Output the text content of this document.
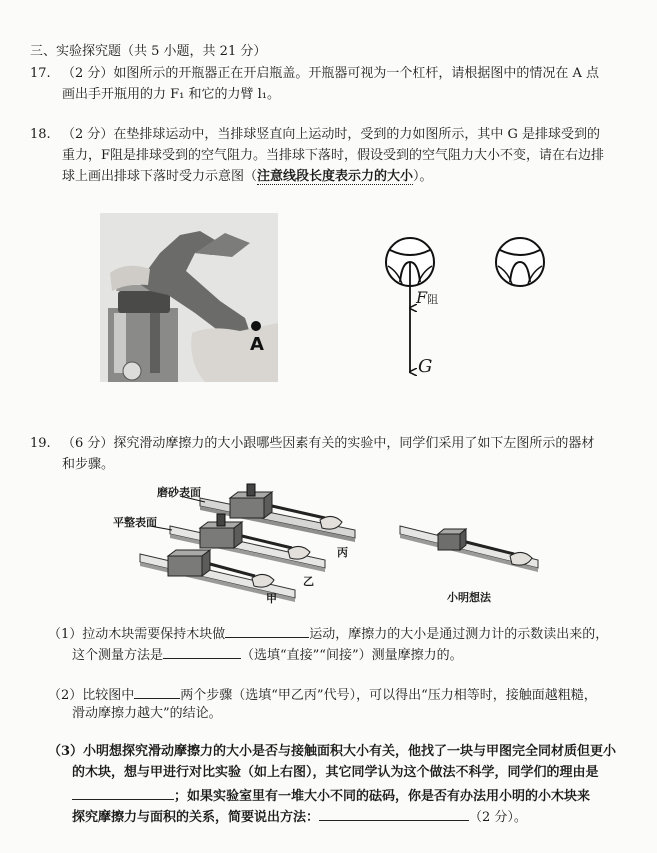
三、实验探究题（共 5 小题，共 21 分）
17. （2 分）如图所示的开瓶器正在开启瓶盖。开瓶器可视为一个杠杆，请根据图中的情况在 A 点
画出手开瓶用的力 F₁ 和它的力臂 l₁。
18. （2 分）在垫排球运动中，当排球竖直向上运动时，受到的力如图所示，其中 G 是排球受到的
重力，F阻是排球受到的空气阻力。当排球下落时，假设受到的空气阻力大小不变，请在右边排
球上画出排球下落时受力示意图（注意线段长度表示力的大小）。
A
F阻
G
19. （6 分）探究滑动摩擦力的大小跟哪些因素有关的实验中，同学们采用了如下左图所示的器材
和步骤。
磨砂表面
平整表面
丙
乙
甲	小明想法
（1）拉动木块需要保持木块做	运动，摩擦力的大小是通过测力计的示数读出来的，
这个测量方法是	（选填“直接”“间接”）测量摩擦力的。
（2）比较图中	两个步骤（选填“甲乙丙”代号），可以得出“压力相等时，接触面越粗糙，
滑动摩擦力越大”的结论。
（3）小明想探究滑动摩擦力的大小是否与接触面积大小有关，他找了一块与甲图完全同材质但更小
的木块，想与甲进行对比实验（如上右图），其它同学认为这个做法不科学，同学们的理由是
；如果实验室里有一堆大小不同的砝码，你是否有办法用小明的小木块来
探究摩擦力与面积的关系，简要说出方法：	（2 分）。
